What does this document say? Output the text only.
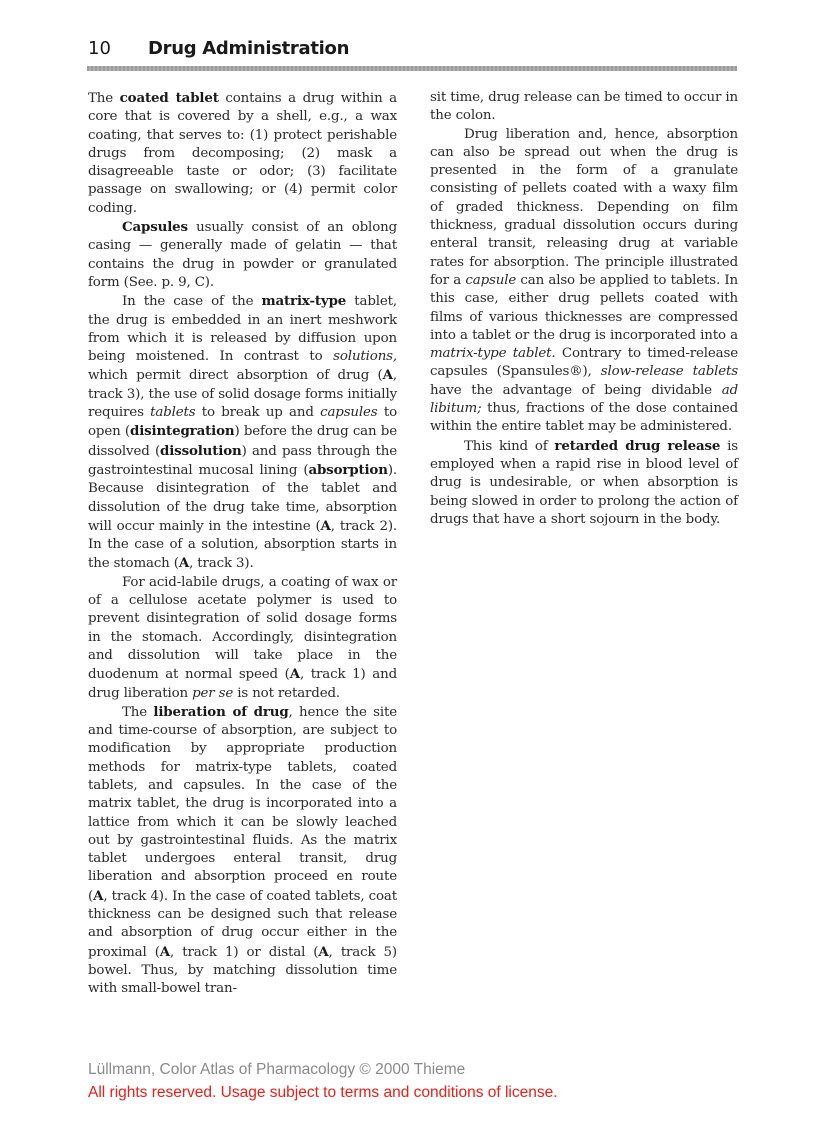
10 Drug Administration

The coated tablet contains a drug within a core that is covered by a shell, e.g., a wax coating, that serves to: (1) protect perishable drugs from decomposing; (2) mask a disagreeable taste or odor; (3) facilitate passage on swallowing; or (4) permit color coding.

Capsules usually consist of an oblong casing — generally made of gelatin — that contains the drug in powder or granulated form (See. p. 9, C).

In the case of the matrix-type tablet, the drug is embedded in an inert meshwork from which it is released by diffusion upon being moistened. In contrast to solutions, which permit direct absorption of drug (A, track 3), the use of solid dosage forms initially requires tablets to break up and capsules to open (disintegration) before the drug can be dissolved (dissolution) and pass through the gastrointestinal mucosal lining (absorption). Because disintegration of the tablet and dissolution of the drug take time, absorption will occur mainly in the intestine (A, track 2). In the case of a solution, absorption starts in the stomach (A, track 3).

For acid-labile drugs, a coating of wax or of a cellulose acetate polymer is used to prevent disintegration of solid dosage forms in the stomach. Accordingly, disintegration and dissolution will take place in the duodenum at normal speed (A, track 1) and drug liberation per se is not retarded.

The liberation of drug, hence the site and time-course of absorption, are subject to modification by appropriate production methods for matrix-type tablets, coated tablets, and capsules. In the case of the matrix tablet, the drug is incorporated into a lattice from which it can be slowly leached out by gastrointestinal fluids. As the matrix tablet undergoes enteral transit, drug liberation and absorption proceed en route (A, track 4). In the case of coated tablets, coat thickness can be designed such that release and absorption of drug occur either in the proximal (A, track 1) or distal (A, track 5) bowel. Thus, by matching dissolution time with small-bowel tran-

sit time, drug release can be timed to occur in the colon.

Drug liberation and, hence, absorption can also be spread out when the drug is presented in the form of a granulate consisting of pellets coated with a waxy film of graded thickness. Depending on film thickness, gradual dissolution occurs during enteral transit, releasing drug at variable rates for absorption. The principle illustrated for a capsule can also be applied to tablets. In this case, either drug pellets coated with films of various thicknesses are compressed into a tablet or the drug is incorporated into a matrix-type tablet. Contrary to timed-release capsules (Spansules®), slow-release tablets have the advantage of being dividable ad libitum; thus, fractions of the dose contained within the entire tablet may be administered.

This kind of retarded drug release is employed when a rapid rise in blood level of drug is undesirable, or when absorption is being slowed in order to prolong the action of drugs that have a short sojourn in the body.

Lüllmann, Color Atlas of Pharmacology © 2000 Thieme
All rights reserved. Usage subject to terms and conditions of license.
